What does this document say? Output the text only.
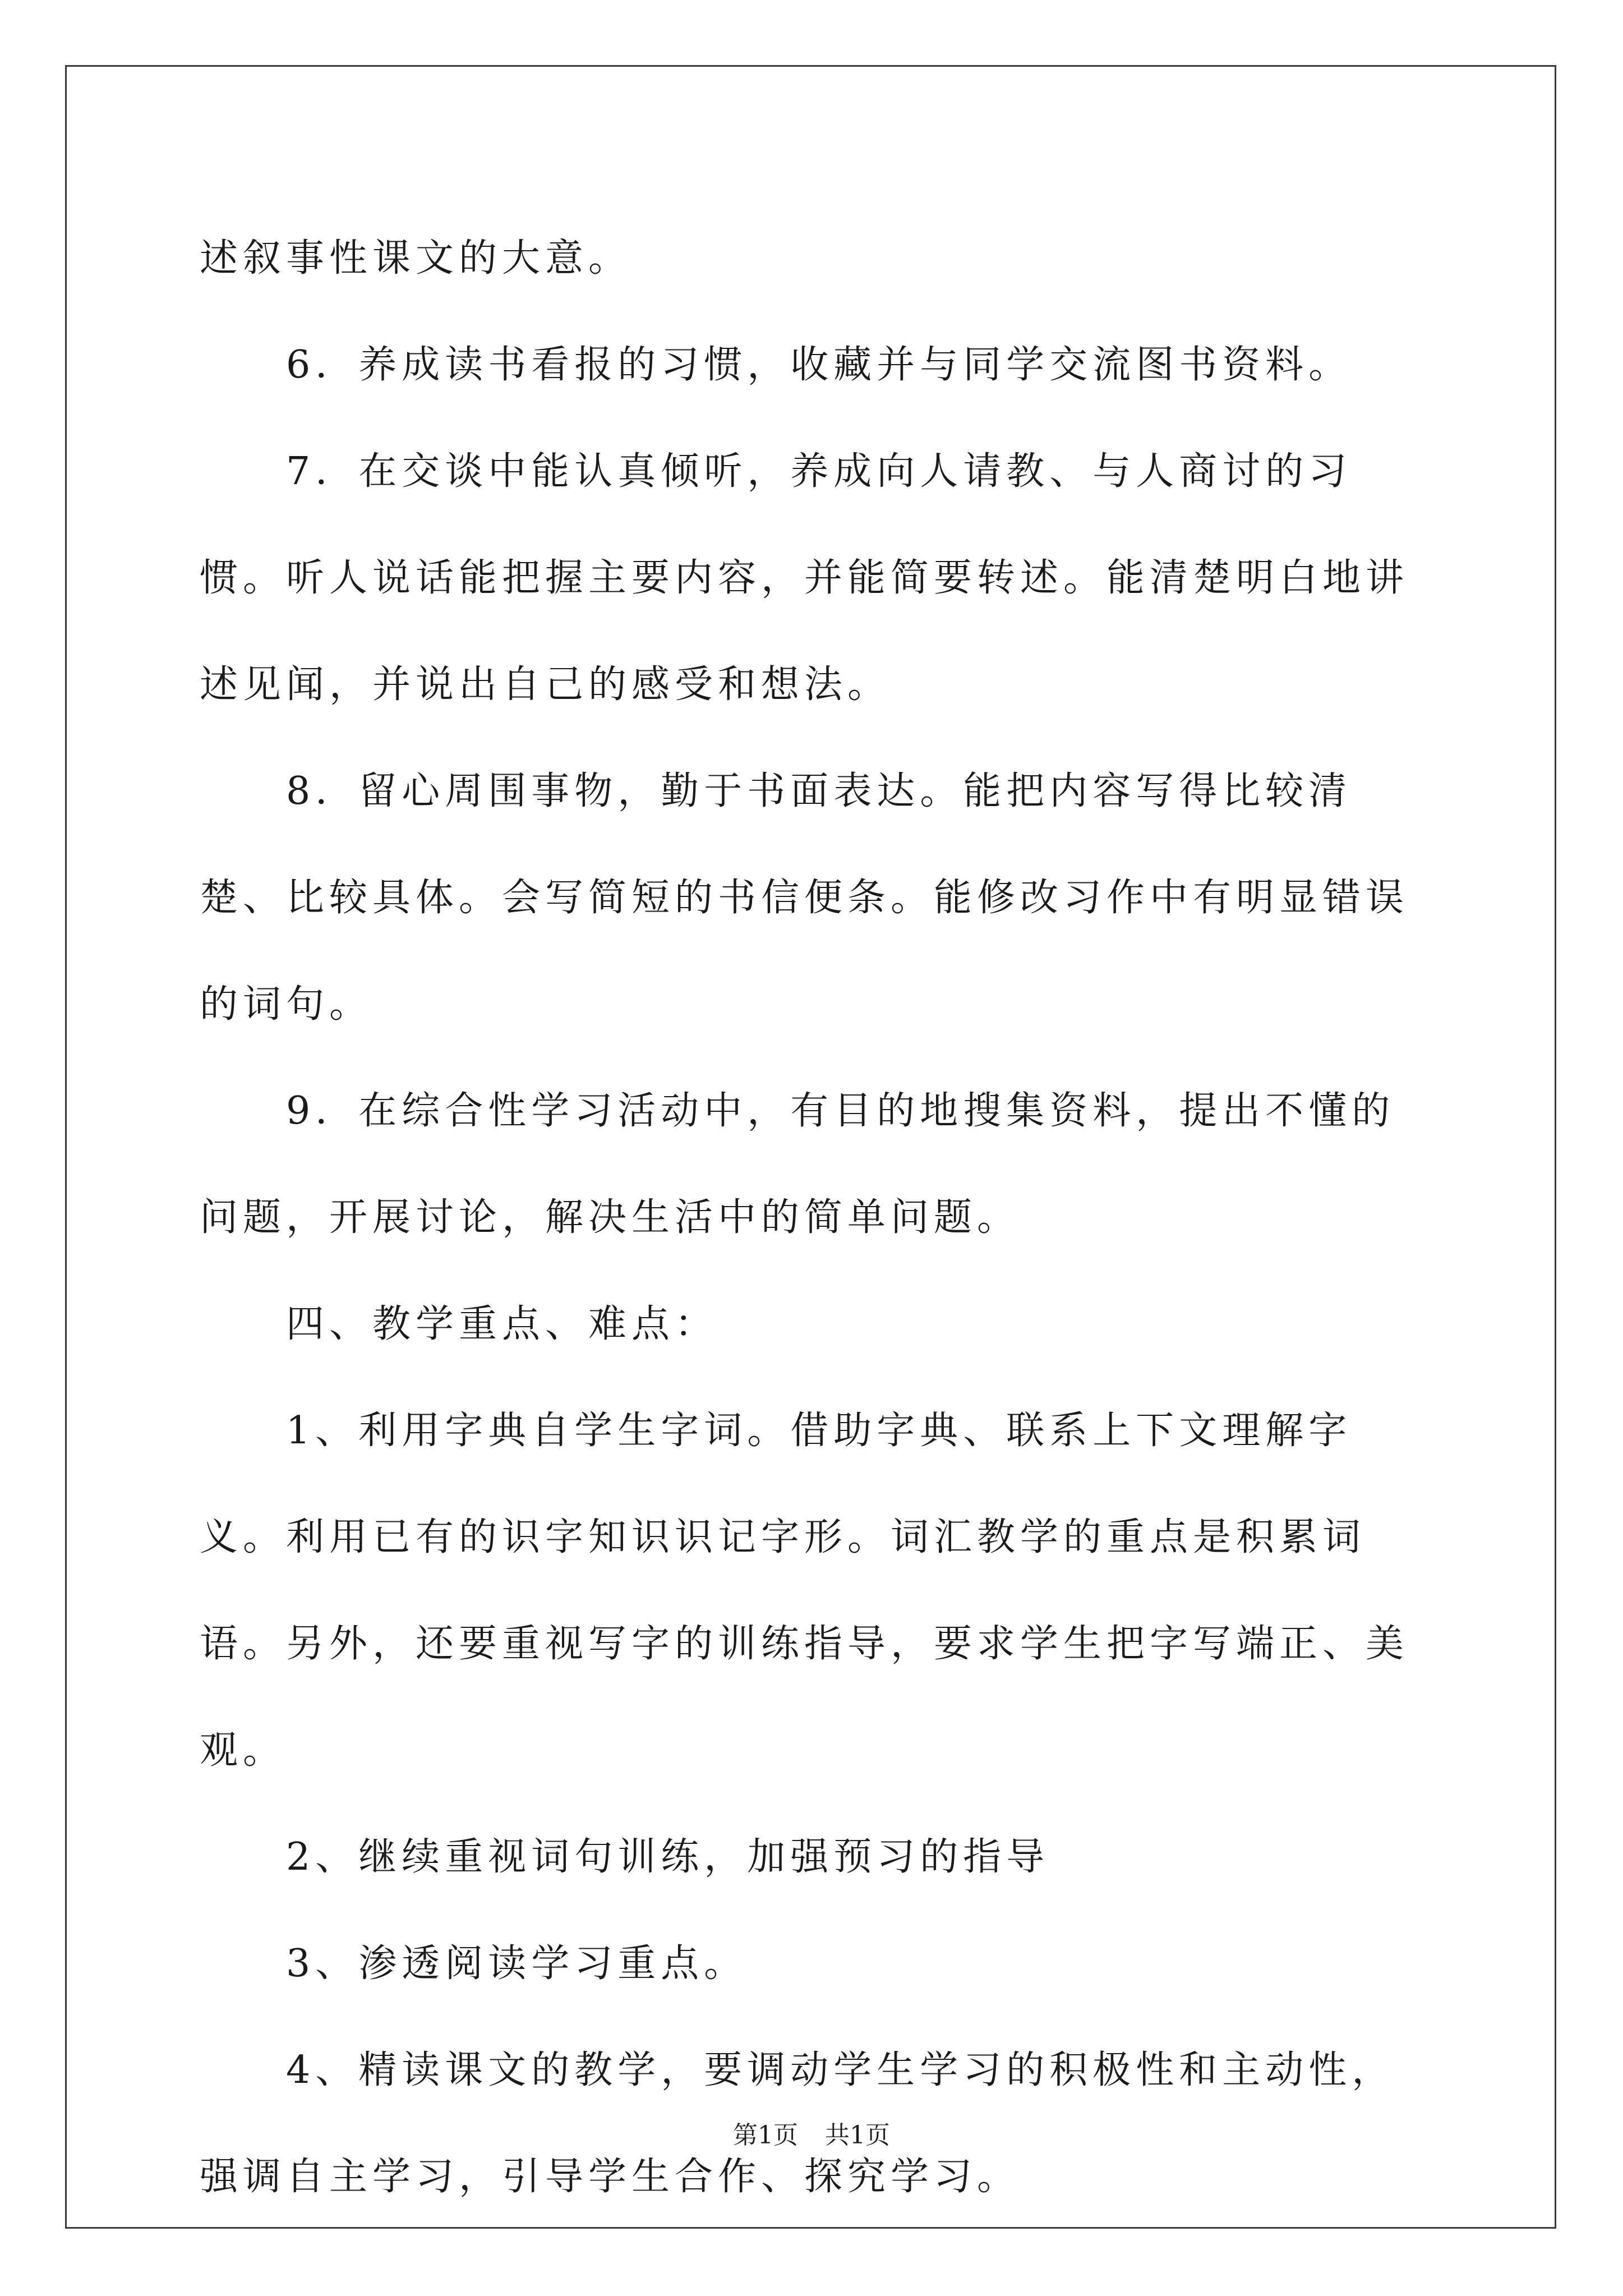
述叙事性课文的大意。

6．养成读书看报的习惯，收藏并与同学交流图书资料。

7．在交谈中能认真倾听，养成向人请教、与人商讨的习惯。听人说话能把握主要内容，并能简要转述。能清楚明白地讲述见闻，并说出自己的感受和想法。

8．留心周围事物，勤于书面表达。能把内容写得比较清楚、比较具体。会写简短的书信便条。能修改习作中有明显错误的词句。

9．在综合性学习活动中，有目的地搜集资料，提出不懂的问题，开展讨论，解决生活中的简单问题。

四、教学重点、难点：

1、利用字典自学生字词。借助字典、联系上下文理解字义。利用已有的识字知识识记字形。词汇教学的重点是积累词语。另外，还要重视写字的训练指导，要求学生把字写端正、美观。

2、继续重视词句训练，加强预习的指导

3、渗透阅读学习重点。

4、精读课文的教学，要调动学生学习的积极性和主动性，强调自主学习，引导学生合作、探究学习。

第1页 共1页
